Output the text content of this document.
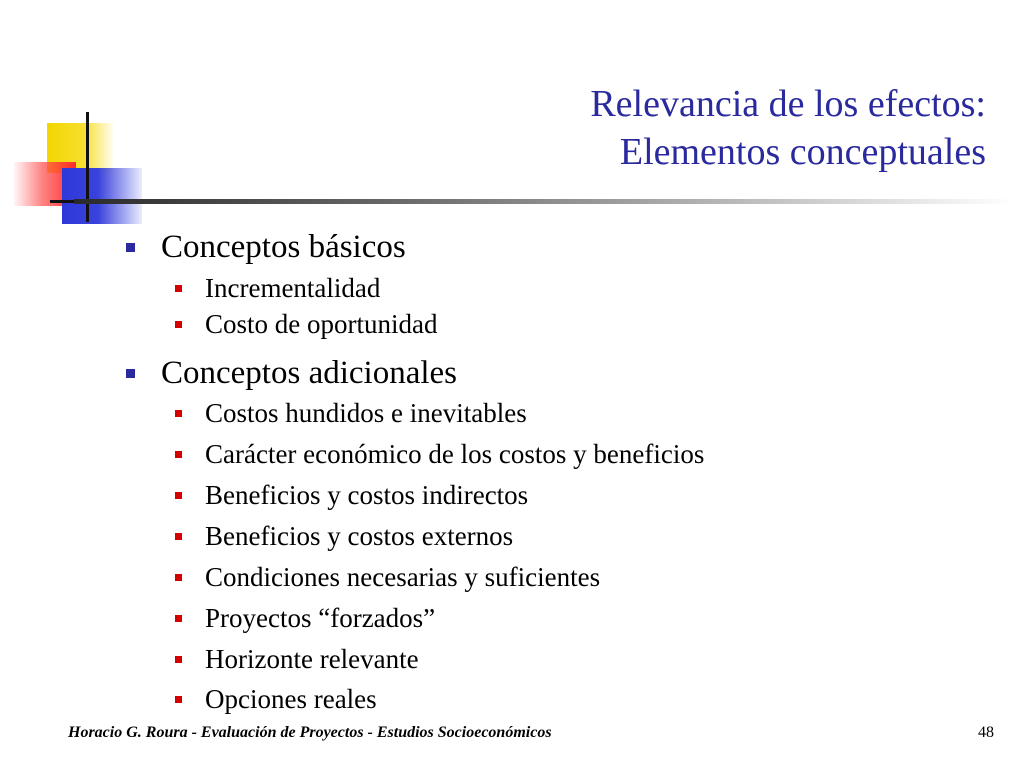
Relevancia de los efectos:
Elementos conceptuales
Conceptos básicos
Incrementalidad
Costo de oportunidad
Conceptos adicionales
Costos hundidos e inevitables
Carácter económico de los costos y beneficios
Beneficios y costos indirectos
Beneficios y costos externos
Condiciones necesarias y suficientes
Proyectos “forzados”
Horizonte relevante
Opciones reales
Horacio G. Roura - Evaluación de Proyectos - Estudios Socioeconómicos	48
